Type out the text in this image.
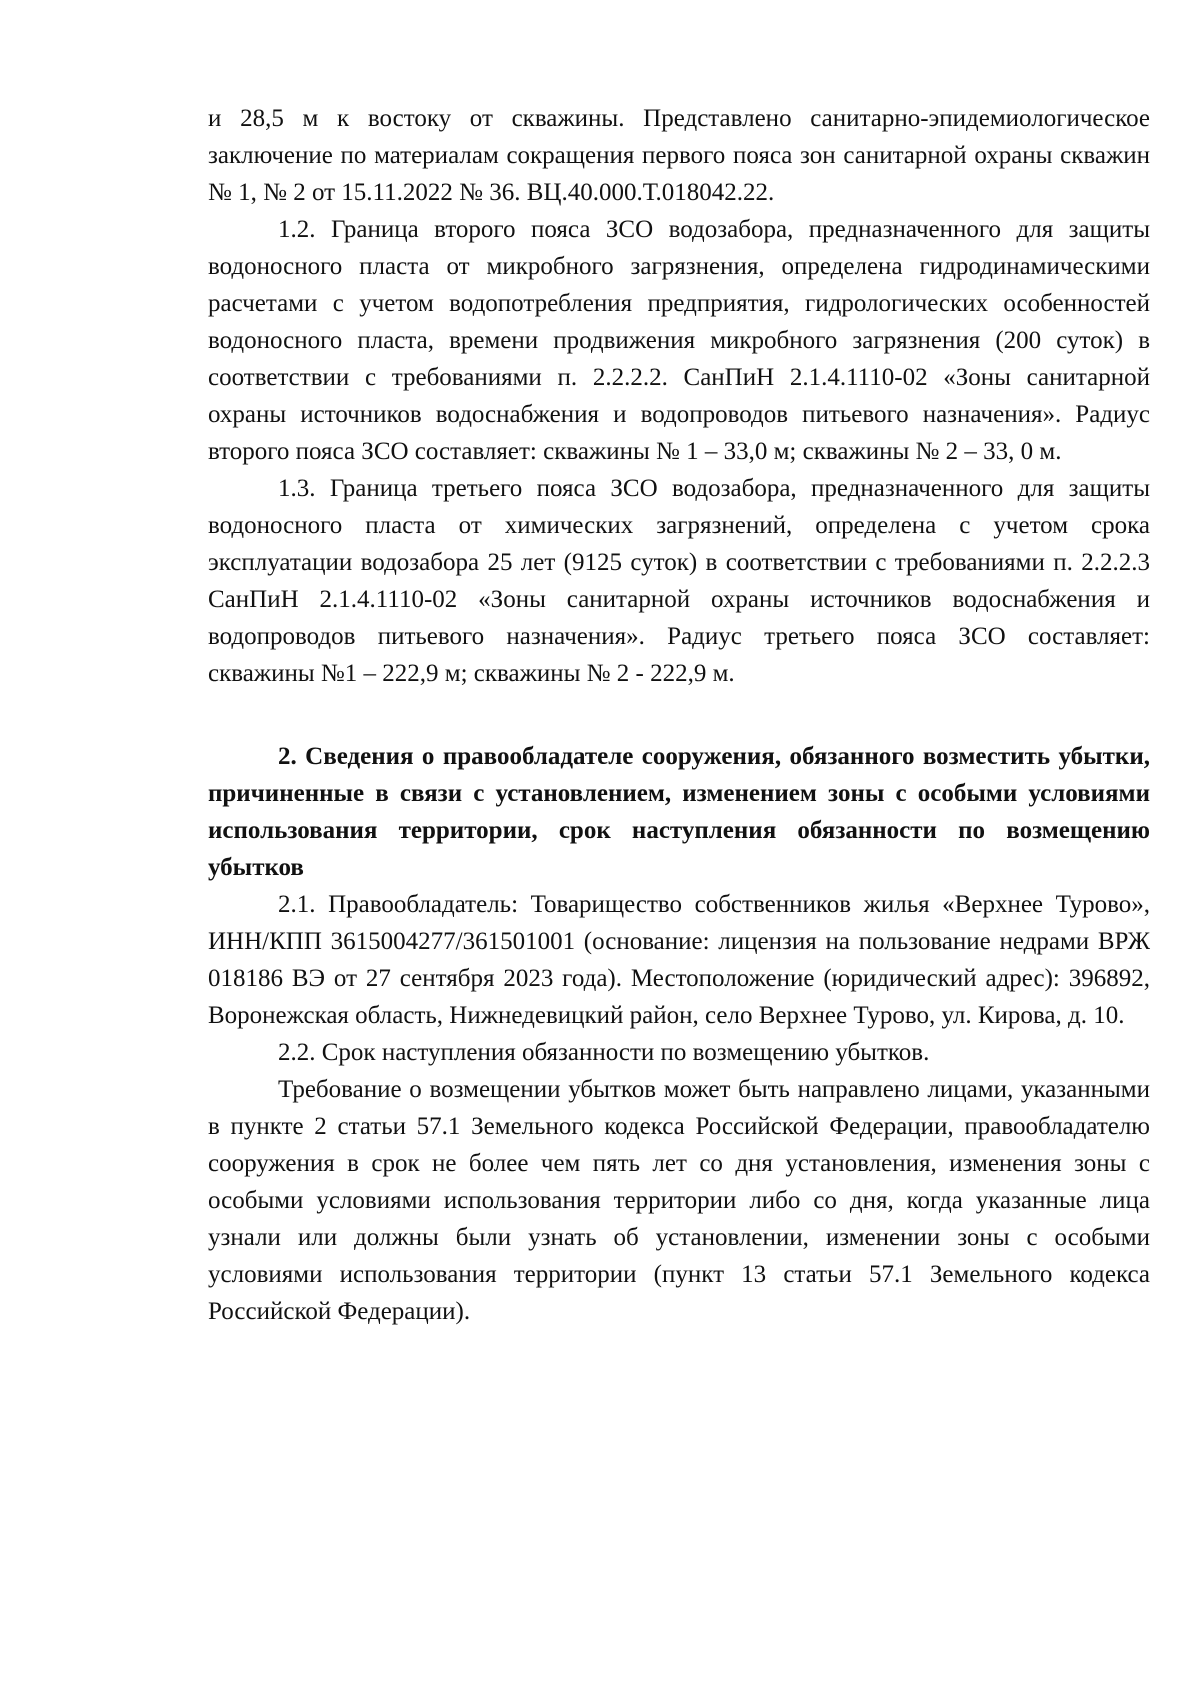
и 28,5 м к востоку от скважины. Представлено санитарно-эпидемиологическое заключение по материалам сокращения первого пояса зон санитарной охраны скважин № 1, № 2 от 15.11.2022 № 36. ВЦ.40.000.Т.018042.22.

1.2. Граница второго пояса ЗСО водозабора, предназначенного для защиты водоносного пласта от микробного загрязнения, определена гидродинамическими расчетами с учетом водопотребления предприятия, гидрологических особенностей водоносного пласта, времени продвижения микробного загрязнения (200 суток) в соответствии с требованиями п. 2.2.2.2. СанПиН 2.1.4.1110-02 «Зоны санитарной охраны источников водоснабжения и водопроводов питьевого назначения». Радиус второго пояса ЗСО составляет: скважины № 1 – 33,0 м; скважины № 2 – 33, 0 м.

1.3. Граница третьего пояса ЗСО водозабора, предназначенного для защиты водоносного пласта от химических загрязнений, определена с учетом срока эксплуатации водозабора 25 лет (9125 суток) в соответствии с требованиями п. 2.2.2.3 СанПиН 2.1.4.1110-02 «Зоны санитарной охраны источников водоснабжения и водопроводов питьевого назначения». Радиус третьего пояса ЗСО составляет: скважины №1 – 222,9 м; скважины № 2 - 222,9 м.

2. Сведения о правообладателе сооружения, обязанного возместить убытки, причиненные в связи с установлением, изменением зоны с особыми условиями использования территории, срок наступления обязанности по возмещению убытков

2.1. Правообладатель: Товарищество собственников жилья «Верхнее Турово», ИНН/КПП 3615004277/361501001 (основание: лицензия на пользование недрами ВРЖ 018186 ВЭ от 27 сентября 2023 года). Местоположение (юридический адрес): 396892, Воронежская область, Нижнедевицкий район, село Верхнее Турово, ул. Кирова, д. 10.

2.2. Срок наступления обязанности по возмещению убытков.

Требование о возмещении убытков может быть направлено лицами, указанными в пункте 2 статьи 57.1 Земельного кодекса Российской Федерации, правообладателю сооружения в срок не более чем пять лет со дня установления, изменения зоны с особыми условиями использования территории либо со дня, когда указанные лица узнали или должны были узнать об установлении, изменении зоны с особыми условиями использования территории (пункт 13 статьи 57.1 Земельного кодекса Российской Федерации).
